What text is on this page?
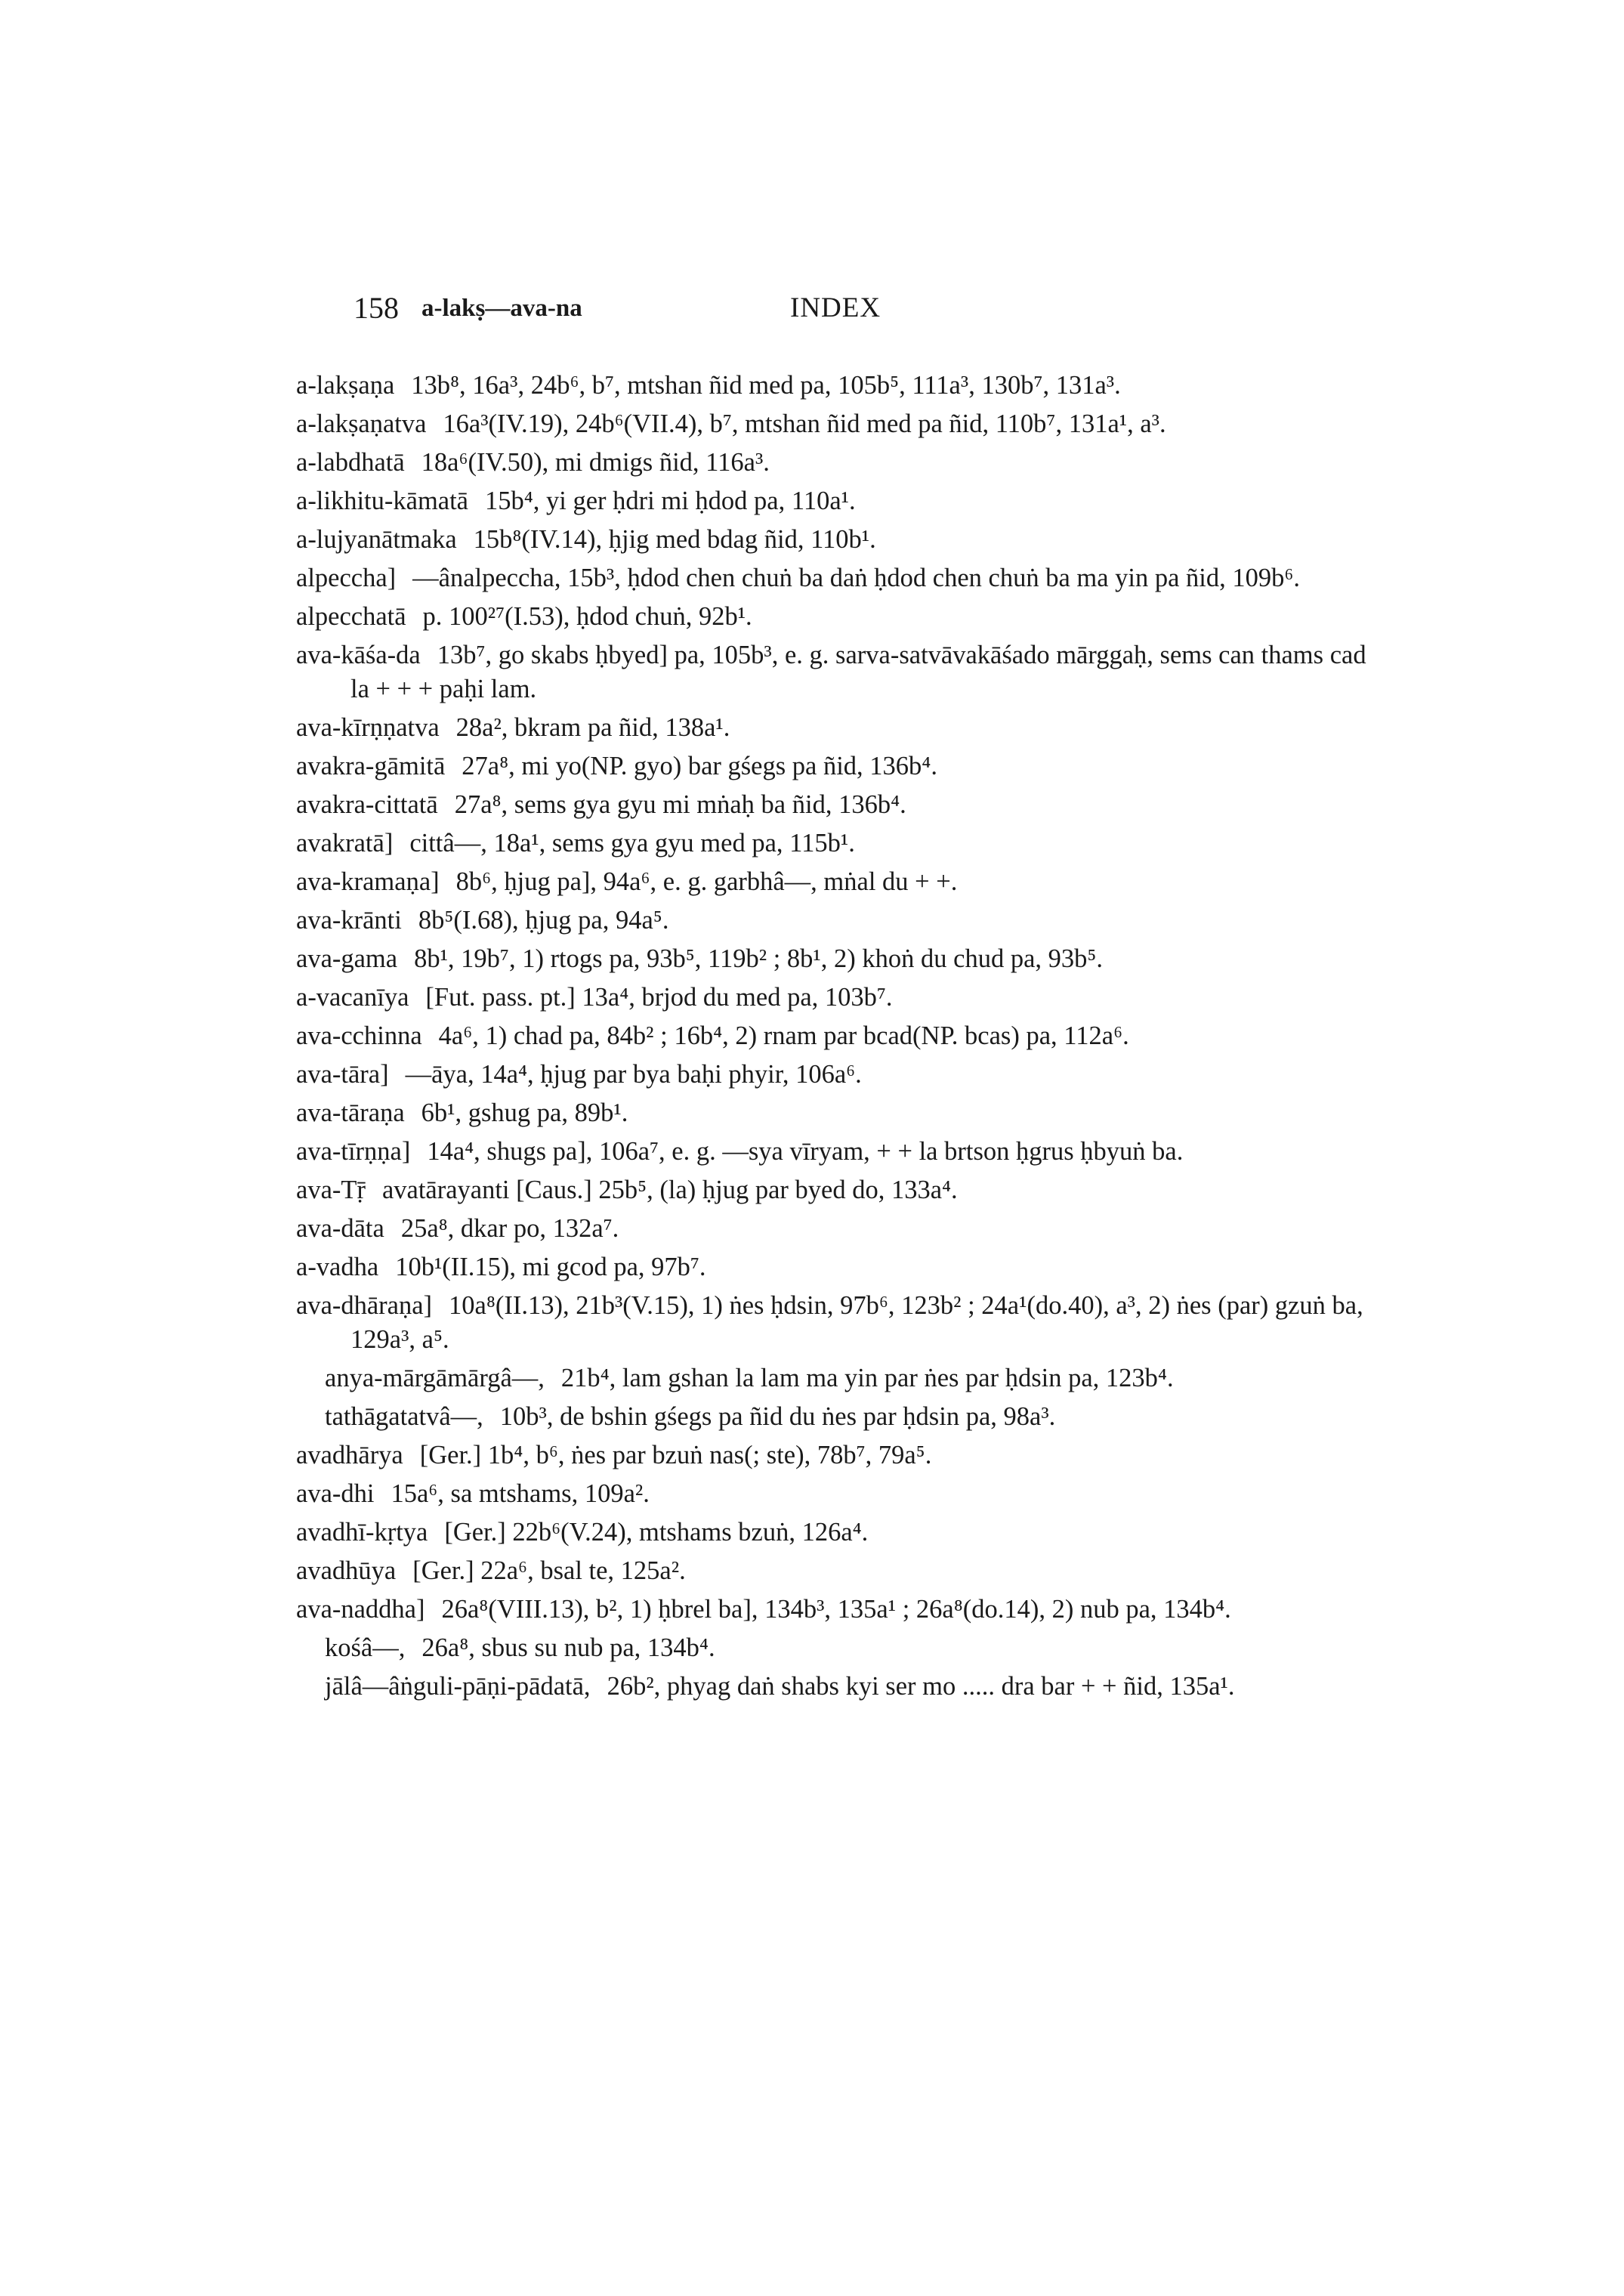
158 a-lakṣ—ava-na	INDEX

a-lakṣaṇa 13b⁸, 16a³, 24b⁶, b⁷, mtshan ñid med pa, 105b⁵, 111a³, 130b⁷, 131a³.

a-lakṣaṇatva 16a³(IV.19), 24b⁶(VII.4), b⁷, mtshan ñid med pa ñid, 110b⁷, 131a¹, a³.

a-labdhatā 18a⁶(IV.50), mi dmigs ñid, 116a³.

a-likhitu-kāmatā 15b⁴, yi ger ḥdri mi ḥdod pa, 110a¹.

a-lujyanātmaka 15b⁸(IV.14), ḥjig med bdag ñid, 110b¹.

alpeccha] —ânalpeccha, 15b³, ḥdod chen chuṅ ba daṅ ḥdod chen chuṅ ba ma yin pa ñid, 109b⁶.

alpecchatā p. 100²⁷(I.53), ḥdod chuṅ, 92b¹.

ava-kāśa-da 13b⁷, go skabs ḥbyed] pa, 105b³, e. g. sarva-satvāvakāśado mārggaḥ, sems can thams cad la + + + paḥi lam.

ava-kīrṇṇatva 28a², bkram pa ñid, 138a¹.

avakra-gāmitā 27a⁸, mi yo(NP. gyo) bar gśegs pa ñid, 136b⁴.

avakra-cittatā 27a⁸, sems gya gyu mi mṅaḥ ba ñid, 136b⁴.

avakratā] cittâ—, 18a¹, sems gya gyu med pa, 115b¹.

ava-kramaṇa] 8b⁶, ḥjug pa], 94a⁶, e. g. garbhâ—, mṅal du + +.

ava-krānti 8b⁵(I.68), ḥjug pa, 94a⁵.

ava-gama 8b¹, 19b⁷, 1) rtogs pa, 93b⁵, 119b² ; 8b¹, 2) khoṅ du chud pa, 93b⁵.

a-vacanīya [Fut. pass. pt.] 13a⁴, brjod du med pa, 103b⁷.

ava-cchinna 4a⁶, 1) chad pa, 84b² ; 16b⁴, 2) rnam par bcad(NP. bcas) pa, 112a⁶.

ava-tāra] —āya, 14a⁴, ḥjug par bya baḥi phyir, 106a⁶.

ava-tāraṇa 6b¹, gshug pa, 89b¹.

ava-tīrṇṇa] 14a⁴, shugs pa], 106a⁷, e. g. —sya vīryam, + + la brtson ḥgrus ḥbyuṅ ba.

ava-Tṝ avatārayanti [Caus.] 25b⁵, (la) ḥjug par byed do, 133a⁴.

ava-dāta 25a⁸, dkar po, 132a⁷.

a-vadha 10b¹(II.15), mi gcod pa, 97b⁷.

ava-dhāraṇa] 10a⁸(II.13), 21b³(V.15), 1) ṅes ḥdsin, 97b⁶, 123b² ; 24a¹(do.40), a³, 2) ṅes (par) gzuṅ ba, 129a³, a⁵.

anya-mārgāmārgâ—, 21b⁴, lam gshan la lam ma yin par ṅes par ḥdsin pa, 123b⁴.

tathāgatatvâ—, 10b³, de bshin gśegs pa ñid du ṅes par ḥdsin pa, 98a³.

avadhārya [Ger.] 1b⁴, b⁶, ṅes par bzuṅ nas(; ste), 78b⁷, 79a⁵.

ava-dhi 15a⁶, sa mtshams, 109a².

avadhī-kṛtya [Ger.] 22b⁶(V.24), mtshams bzuṅ, 126a⁴.

avadhūya [Ger.] 22a⁶, bsal te, 125a².

ava-naddha] 26a⁸(VIII.13), b², 1) ḥbrel ba], 134b³, 135a¹ ; 26a⁸(do.14), 2) nub pa, 134b⁴.

kośâ—, 26a⁸, sbus su nub pa, 134b⁴.

jālâ—âṅguli-pāṇi-pādatā, 26b², phyag daṅ shabs kyi ser mo ..... dra bar + + ñid, 135a¹.
